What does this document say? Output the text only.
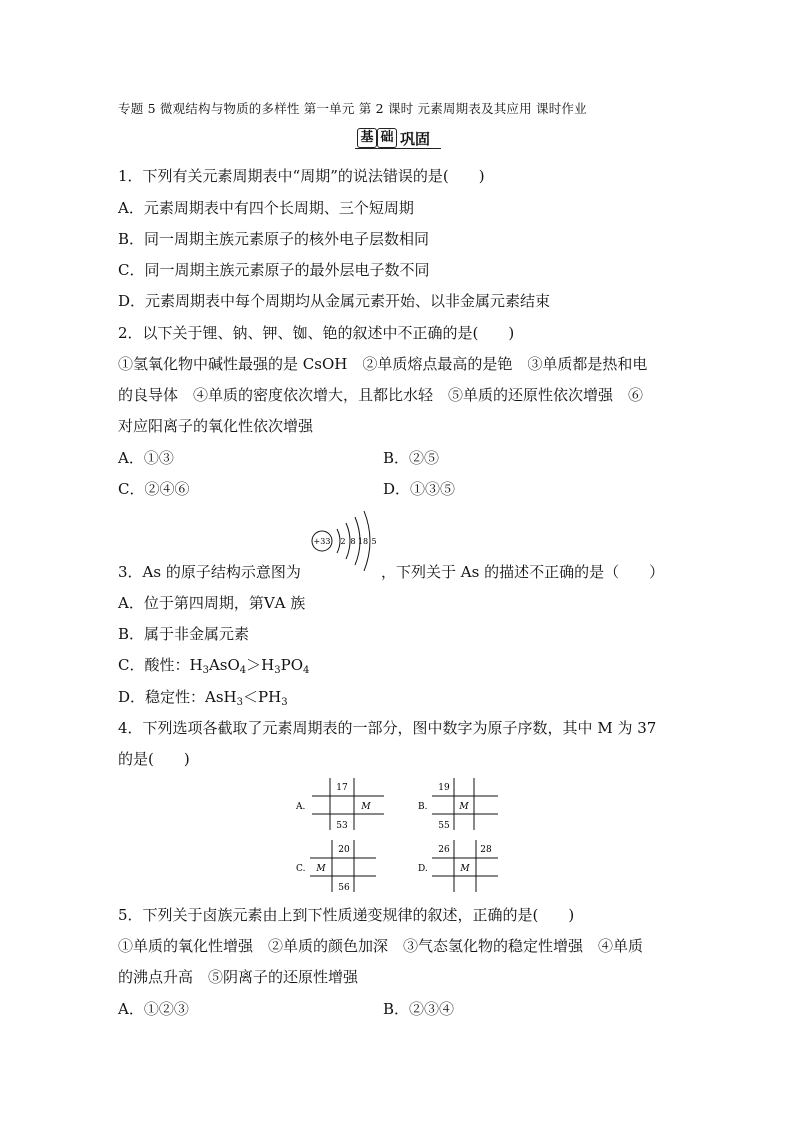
专题 5 微观结构与物质的多样性 第一单元 第 2 课时 元素周期表及其应用 课时作业
基 础 巩固
1．下列有关元素周期表中“周期”的说法错误的是(　　)
A．元素周期表中有四个长周期、三个短周期
B．同一周期主族元素原子的核外电子层数相同
C．同一周期主族元素原子的最外层电子数不同
D．元素周期表中每个周期均从金属元素开始、以非金属元素结束
2．以下关于锂、钠、钾、铷、铯的叙述中不正确的是(　　)
①氢氧化物中碱性最强的是 CsOH　②单质熔点最高的是铯　③单质都是热和电
的良导体　④单质的密度依次增大，且都比水轻　⑤单质的还原性依次增强　⑥
对应阳离子的氧化性依次增强
A．①③	B．②⑤
C．②④⑥	D．①③⑤
+33 2 8 18 5
3．As 的原子结构示意图为	，下列关于 As 的描述不正确的是（　　）
A．位于第四周期，第ⅤA 族
B．属于非金属元素
C．酸性：$H_3AsO_4>H_3PO_4$
D．稳定性：$AsH_3<PH_3$
4．下列选项各截取了元素周期表的一部分，图中数字为原子序数，其中 M 为 37
的是(　　)
A.
17
M
53
B.
19
M
55
C.
20
M
56
D.
26	28
M
5．下列关于卤族元素由上到下性质递变规律的叙述，正确的是(　　)
①单质的氧化性增强　②单质的颜色加深　③气态氢化物的稳定性增强　④单质
的沸点升高　⑤阴离子的还原性增强
A．①②③	B．②③④
